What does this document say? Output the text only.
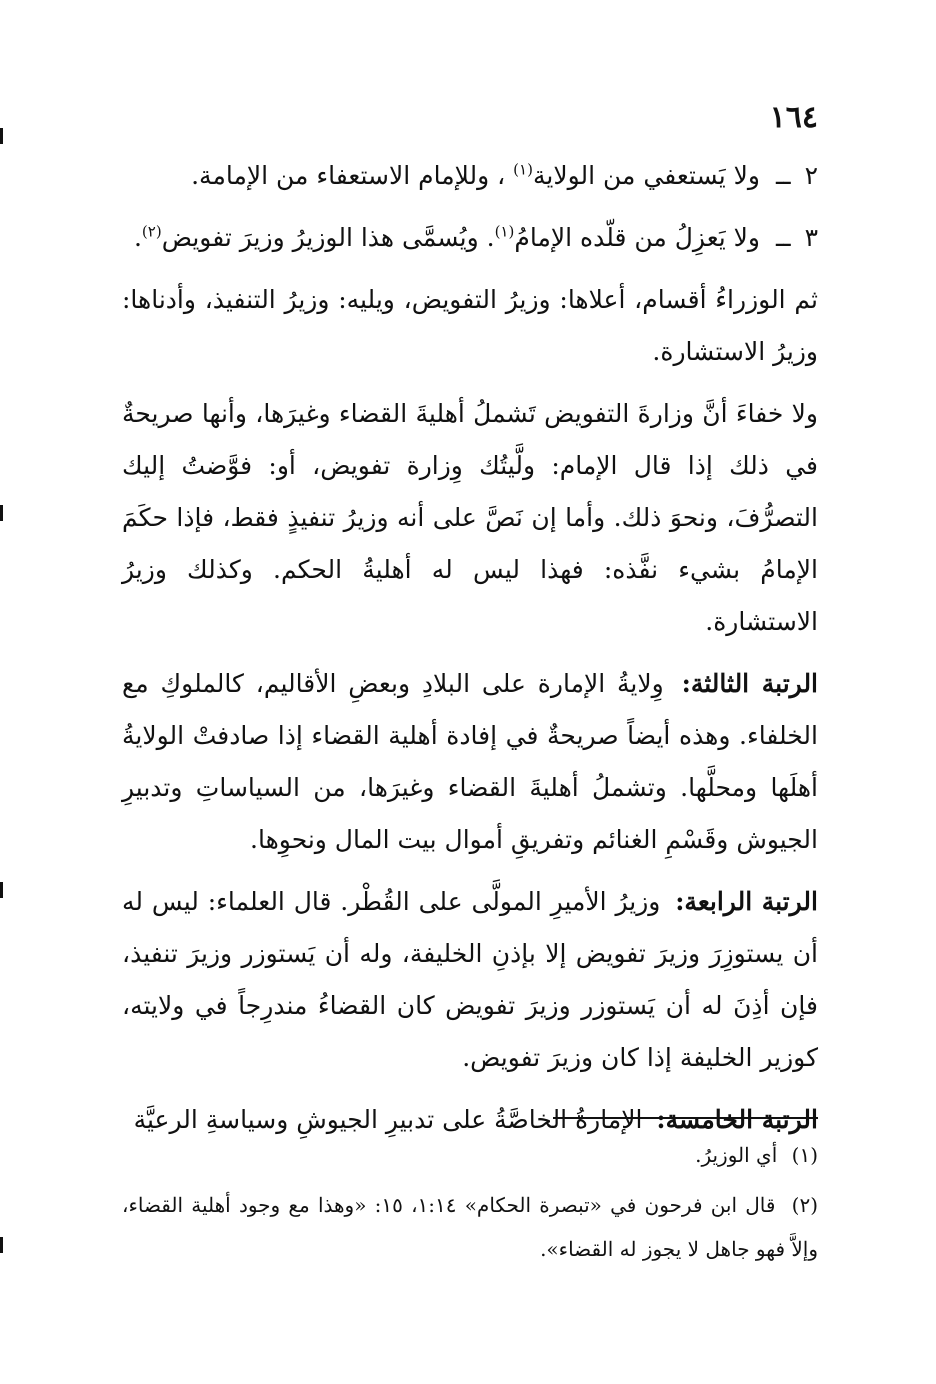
١٦٤

٢ ــ ولا يَستعفي من الولاية$^{(١)}$ ، وللإمام الاستعفاء من الإمامة.

٣ ــ ولا يَعزِلُ من قلّده الإمامُ$^{(١)}$. ويُسمَّى هذا الوزيرُ وزيرَ تفويض$^{(٢)}$.

ثم الوزراءُ أقسام، أعلاها: وزيرُ التفويض، ويليه: وزيرُ التنفيذ، وأدناها: وزيرُ الاستشارة.

ولا خفاءَ أنَّ وزارةَ التفويض تَشملُ أهليةَ القضاء وغيرَها، وأنها صريحةٌ في ذلك إذا قال الإمام: ولَّيتُك وِزارة تفويض، أو: فوَّضتُ إليك التصرُّفَ، ونحوَ ذلك. وأما إن نَصَّ على أنه وزيرُ تنفيذٍ فقط، فإذا حكَمَ الإمامُ بشيء نفَّذه: فهذا ليس له أهليةُ الحكم. وكذلك وزيرُ الاستشارة.

الرتبة الثالثة: وِلايةُ الإمارة على البلادِ وبعضِ الأقاليم، كالملوكِ مع الخلفاء. وهذه أيضاً صريحةٌ في إفادة أهلية القضاء إذا صادفتْ الولايةُ أهلَها ومحلَّها. وتشملُ أهليةَ القضاء وغيرَها، من السياساتِ وتدبيرِ الجيوش وقَسْمِ الغنائم وتفريقِ أموال بيت المال ونحوِها.

الرتبة الرابعة: وزيرُ الأميرِ المولَّى على القُطْر. قال العلماء: ليس له أن يستوزِرَ وزيرَ تفويض إلا بإذنِ الخليفة، وله أن يَستوزر وزيرَ تنفيذ، فإن أذِنَ له أن يَستوزر وزيرَ تفويض كان القضاءُ مندرِجاً في ولايته، كوزير الخليفة إذا كان وزيرَ تفويض.

الرتبة الخامسة: الإمارةُ الخاصَّةُ على تدبيرِ الجيوشِ وسياسةِ الرعيَّة

(١) أي الوزيرُ.

(٢) قال ابن فرحون في «تبصرة الحكام» ١:١٤، ١٥: «وهذا مع وجود أهلية القضاء، وإلاَّ فهو جاهل لا يجوز له القضاء».
